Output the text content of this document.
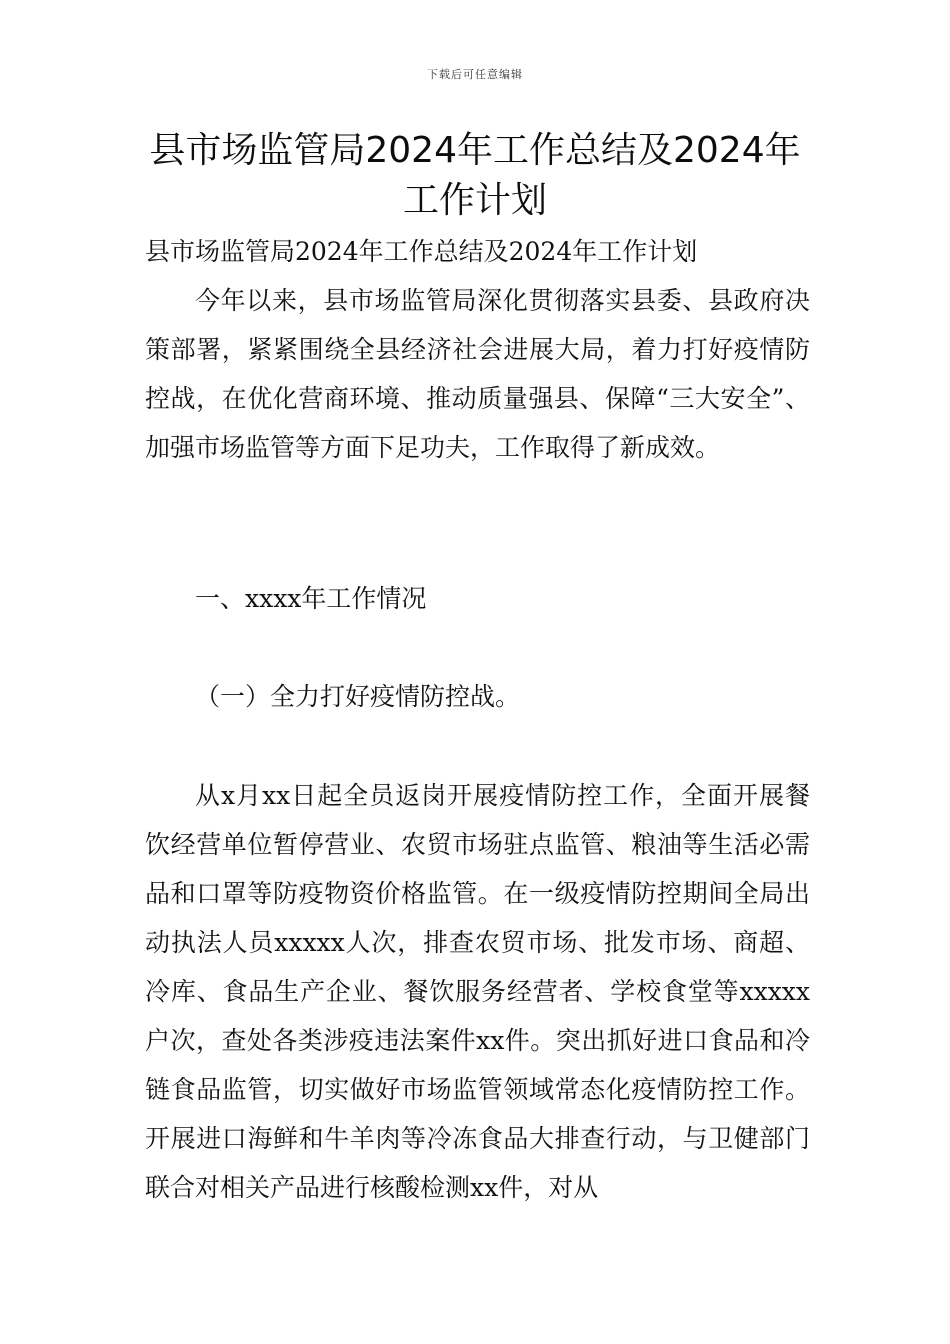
下载后可任意编辑
县市场监管局2024年工作总结及2024年工作计划

县市场监管局2024年工作总结及2024年工作计划

今年以来，县市场监管局深化贯彻落实县委、县政府决策部署，紧紧围绕全县经济社会进展大局，着力打好疫情防控战，在优化营商环境、推动质量强县、保障“三大安全”、加强市场监管等方面下足功夫，工作取得了新成效。

一、xxxx年工作情况

（一）全力打好疫情防控战。

从x月xx日起全员返岗开展疫情防控工作，全面开展餐饮经营单位暂停营业、农贸市场驻点监管、粮油等生活必需品和口罩等防疫物资价格监管。在一级疫情防控期间全局出动执法人员xxxxx人次，排查农贸市场、批发市场、商超、冷库、食品生产企业、餐饮服务经营者、学校食堂等xxxxx户次，查处各类涉疫违法案件xx件。突出抓好进口食品和冷链食品监管，切实做好市场监管领域常态化疫情防控工作。开展进口海鲜和牛羊肉等冷冻食品大排查行动，与卫健部门联合对相关产品进行核酸检测xx件，对从
